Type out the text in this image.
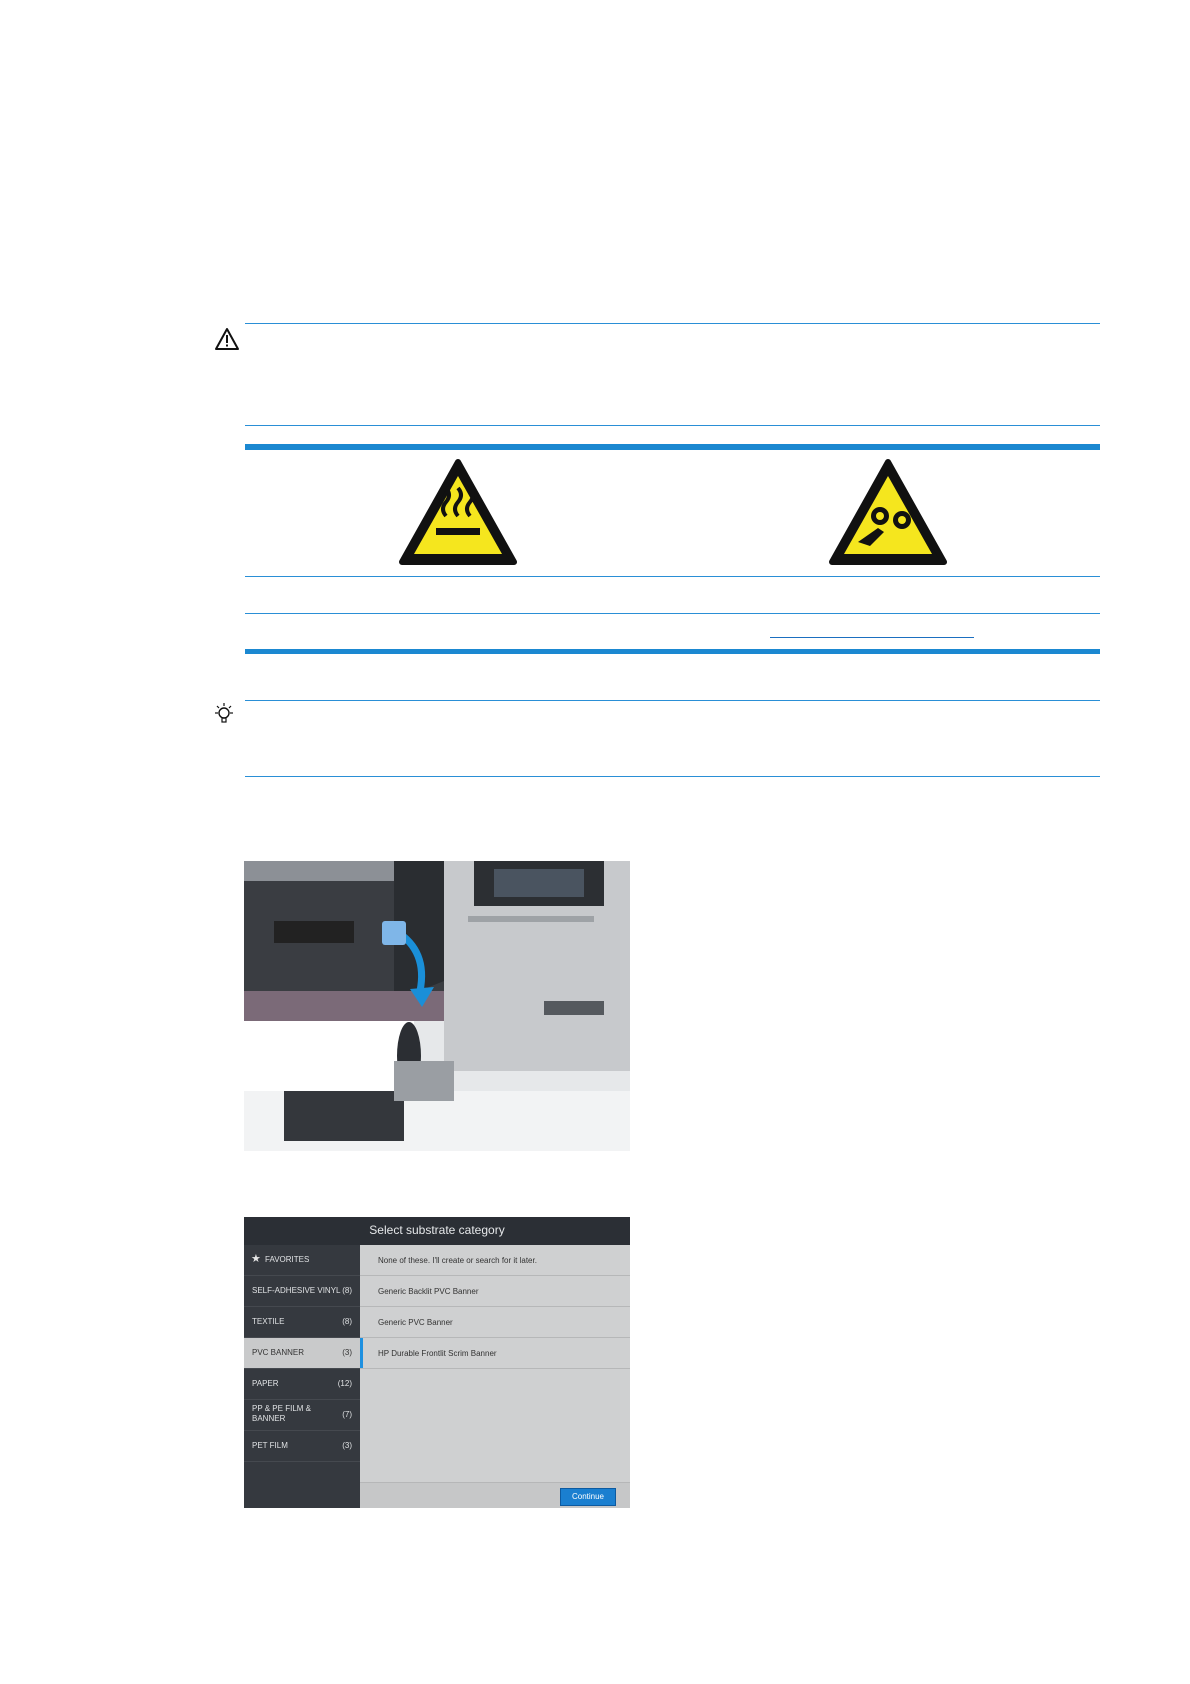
Select substrate category
★ FAVORITES
SELF-ADHESIVE VINYL (8)
TEXTILE	(8)
PVC BANNER	(3)
PAPER	(12)
PP & PE FILM & BANNER	(7)
PET FILM	(3)
None of these. I'll create or search for it later.
Generic Backlit PVC Banner
Generic PVC Banner
HP Durable Frontlit Scrim Banner
Continue
